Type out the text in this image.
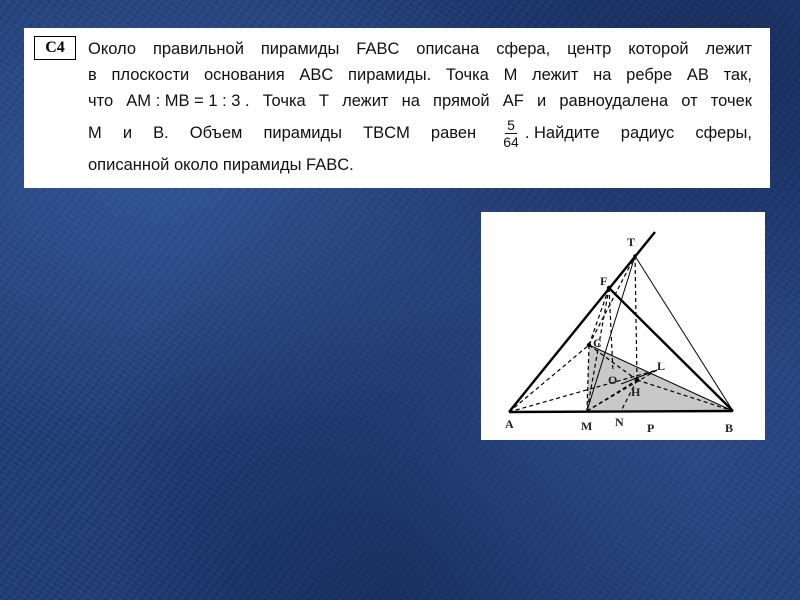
C4	Около правильной пирамиды FABC описана сфера, центр которой лежит
в плоскости основания ABC пирамиды. Точка M лежит на ребре AB так,
что AM : MB = 1 : 3 . Точка T лежит на прямой AF и равноудалена от точек
M и B. Объем пирамиды TBCM равен $\frac{5}{64}$ . Найдите радиус сферы,
описанной около пирамиды FABC.
T
F
C
L
O
H
A	M N P	B
